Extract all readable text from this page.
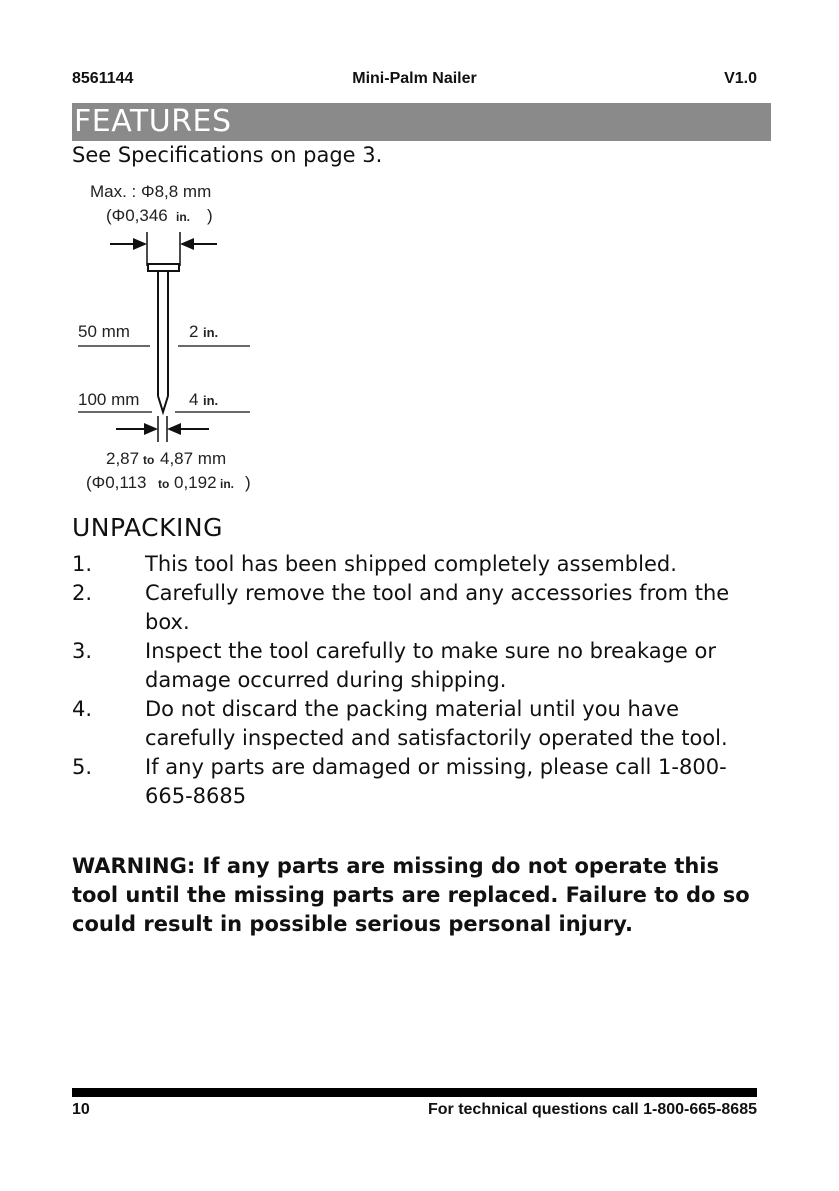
8561144	Mini-Palm Nailer	V1.0
FEATURES
See Specifications on page 3.
Max. : Φ8,8 mm
(Φ0,346 in. )
50 mm	2 in.
100 mm	4 in.
2,87 to 4,87 mm
(Φ0,113 to 0,192 in. )
UNPACKING
1.	This tool has been shipped completely assembled.
2.	Carefully remove the tool and any accessories from the box.
3.	Inspect the tool carefully to make sure no breakage or damage occurred during shipping.
4.	Do not discard the packing material until you have carefully inspected and satisfactorily operated the tool.
5.	If any parts are damaged or missing, please call 1-800-665-8685
WARNING: If any parts are missing do not operate this tool until the missing parts are replaced. Failure to do so could result in possible serious personal injury.
10	For technical questions call 1-800-665-8685
